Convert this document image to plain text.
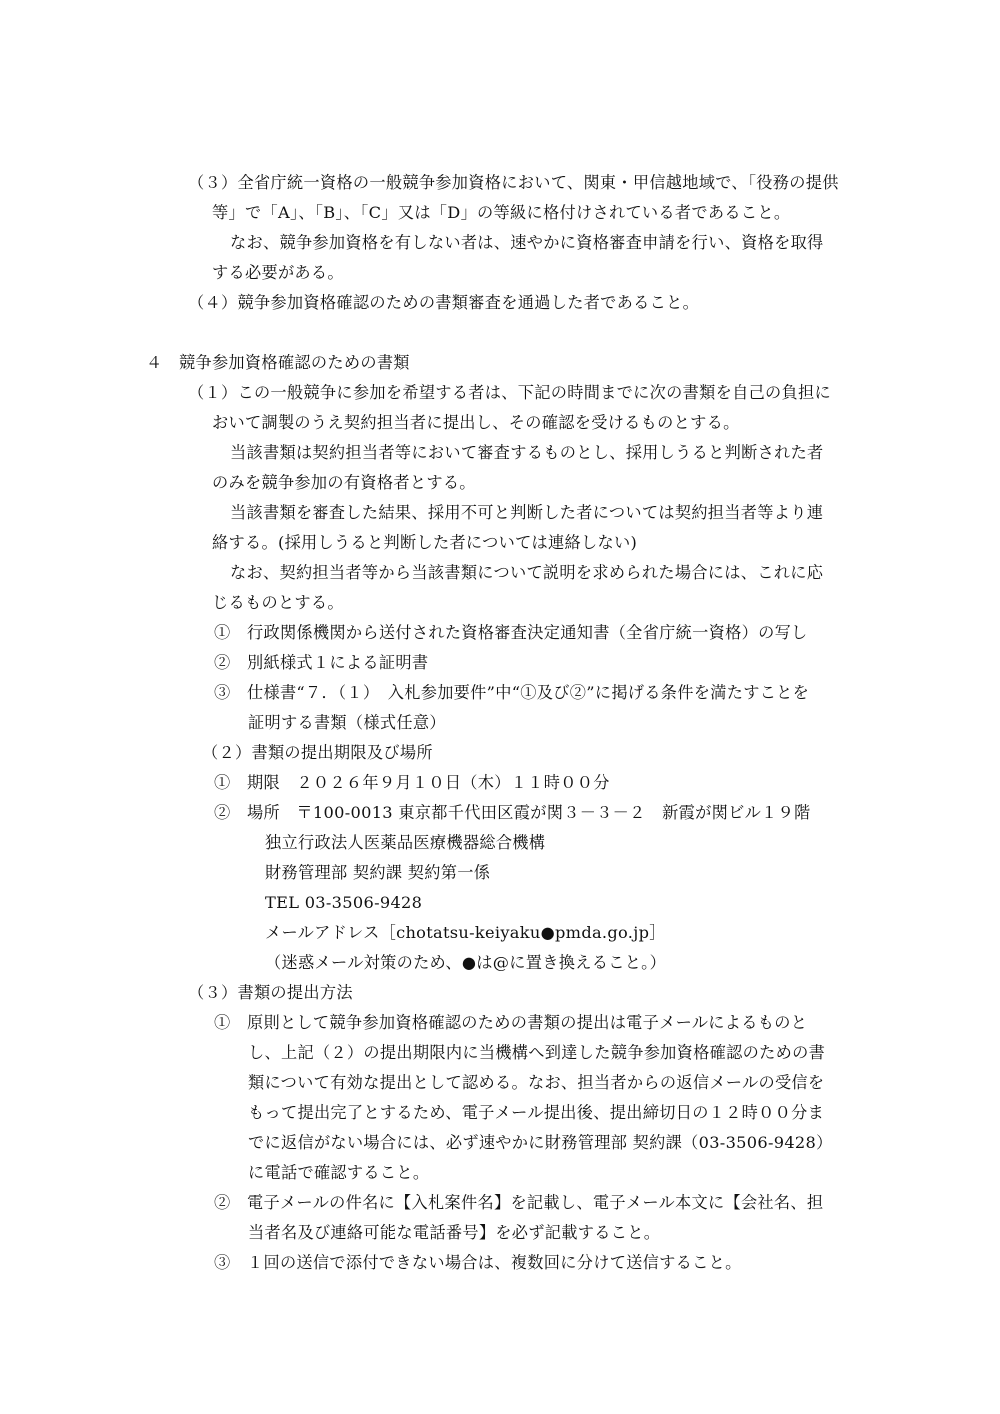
（３）全省庁統一資格の一般競争参加資格において、関東・甲信越地域で、「役務の提供
等」で「A」、「B」、「C」又は「D」の等級に格付けされている者であること。
なお、競争参加資格を有しない者は、速やかに資格審査申請を行い、資格を取得
する必要がある。
（４）競争参加資格確認のための書類審査を通過した者であること。
４　競争参加資格確認のための書類
（１）この一般競争に参加を希望する者は、下記の時間までに次の書類を自己の負担に
おいて調製のうえ契約担当者に提出し、その確認を受けるものとする。
当該書類は契約担当者等において審査するものとし、採用しうると判断された者
のみを競争参加の有資格者とする。
当該書類を審査した結果、採用不可と判断した者については契約担当者等より連
絡する。(採用しうると判断した者については連絡しない)
なお、契約担当者等から当該書類について説明を求められた場合には、これに応
じるものとする。
①　行政関係機関から送付された資格審査決定通知書（全省庁統一資格）の写し
②　別紙様式１による証明書
③　仕様書“７．（１）　入札参加要件”中“①及び②”に掲げる条件を満たすことを
証明する書類（様式任意）
（２）書類の提出期限及び場所
①　期限　２０２６年９月１０日（木）１１時００分
②　場所　〒100-0013 東京都千代田区霞が関３－３－２　新霞が関ビル１９階
独立行政法人医薬品医療機器総合機構
財務管理部 契約課 契約第一係
TEL 03-3506-9428
メールアドレス［chotatsu-keiyaku●pmda.go.jp］
（迷惑メール対策のため、●は@に置き換えること。）
（３）書類の提出方法
①　原則として競争参加資格確認のための書類の提出は電子メールによるものと
し、上記（２）の提出期限内に当機構へ到達した競争参加資格確認のための書
類について有効な提出として認める。なお、担当者からの返信メールの受信を
もって提出完了とするため、電子メール提出後、提出締切日の１２時００分ま
でに返信がない場合には、必ず速やかに財務管理部 契約課（03-3506-9428）
に電話で確認すること。
②　電子メールの件名に【入札案件名】を記載し、電子メール本文に【会社名、担
当者名及び連絡可能な電話番号】を必ず記載すること。
③　１回の送信で添付できない場合は、複数回に分けて送信すること。
